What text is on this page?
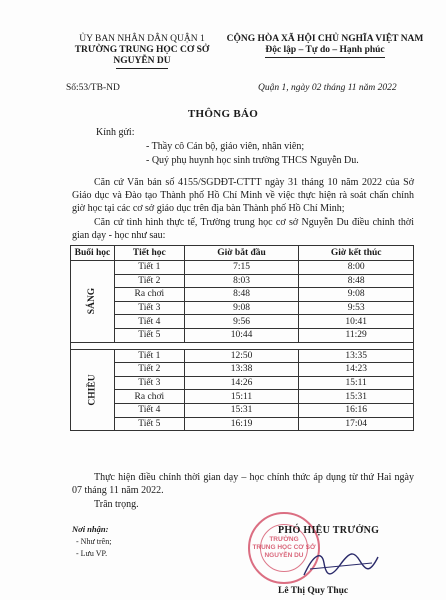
ỦY BAN NHÂN DÂN QUẬN 1
TRƯỜNG TRUNG HỌC CƠ SỞ
NGUYỄN DU
CỘNG HÒA XÃ HỘI CHỦ NGHĨA VIỆT NAM
Độc lập – Tự do – Hạnh phúc
Số:53/TB-ND	Quận 1, ngày 02 tháng 11 năm 2022
THÔNG BÁO
Kính gửi:
- Thầy cô Cán bộ, giáo viên, nhân viên;
- Quý phụ huynh học sinh trường THCS Nguyễn Du.
Căn cứ Văn bản số 4155/SGDĐT-CTTT ngày 31 tháng 10 năm 2022 của Sở Giáo dục và Đào tạo Thành phố Hồ Chí Minh về việc thực hiện rà soát chấn chỉnh giờ học tại các cơ sở giáo dục trên địa bàn Thành phố Hồ Chí Minh;
Căn cứ tình hình thực tế, Trường trung học cơ sở Nguyễn Du điều chỉnh thời gian dạy - học như sau:
Buổi học	Tiết học	Giờ bắt đầu	Giờ kết thúc
SÁNG	Tiết 1	7:15	8:00
	Tiết 2	8:03	8:48
	Ra chơi	8:48	9:08
	Tiết 3	9:08	9:53
	Tiết 4	9:56	10:41
	Tiết 5	10:44	11:29

CHIỀU	Tiết 1	12:50	13:35
	Tiết 2	13:38	14:23
	Tiết 3	14:26	15:11
	Ra chơi	15:11	15:31
	Tiết 4	15:31	16:16
	Tiết 5	16:19	17:04
Thực hiện điều chỉnh thời gian dạy – học chính thức áp dụng từ thứ Hai ngày 07 tháng 11 năm 2022.
Trân trọng.
Nơi nhận:
- Như trên;
- Lưu VP.
TRƯỜNG
TRUNG HỌC CƠ SỞ
NGUYỄN DU
PHÓ HIỆU TRƯỞNG
Lê Thị Quy Thục
